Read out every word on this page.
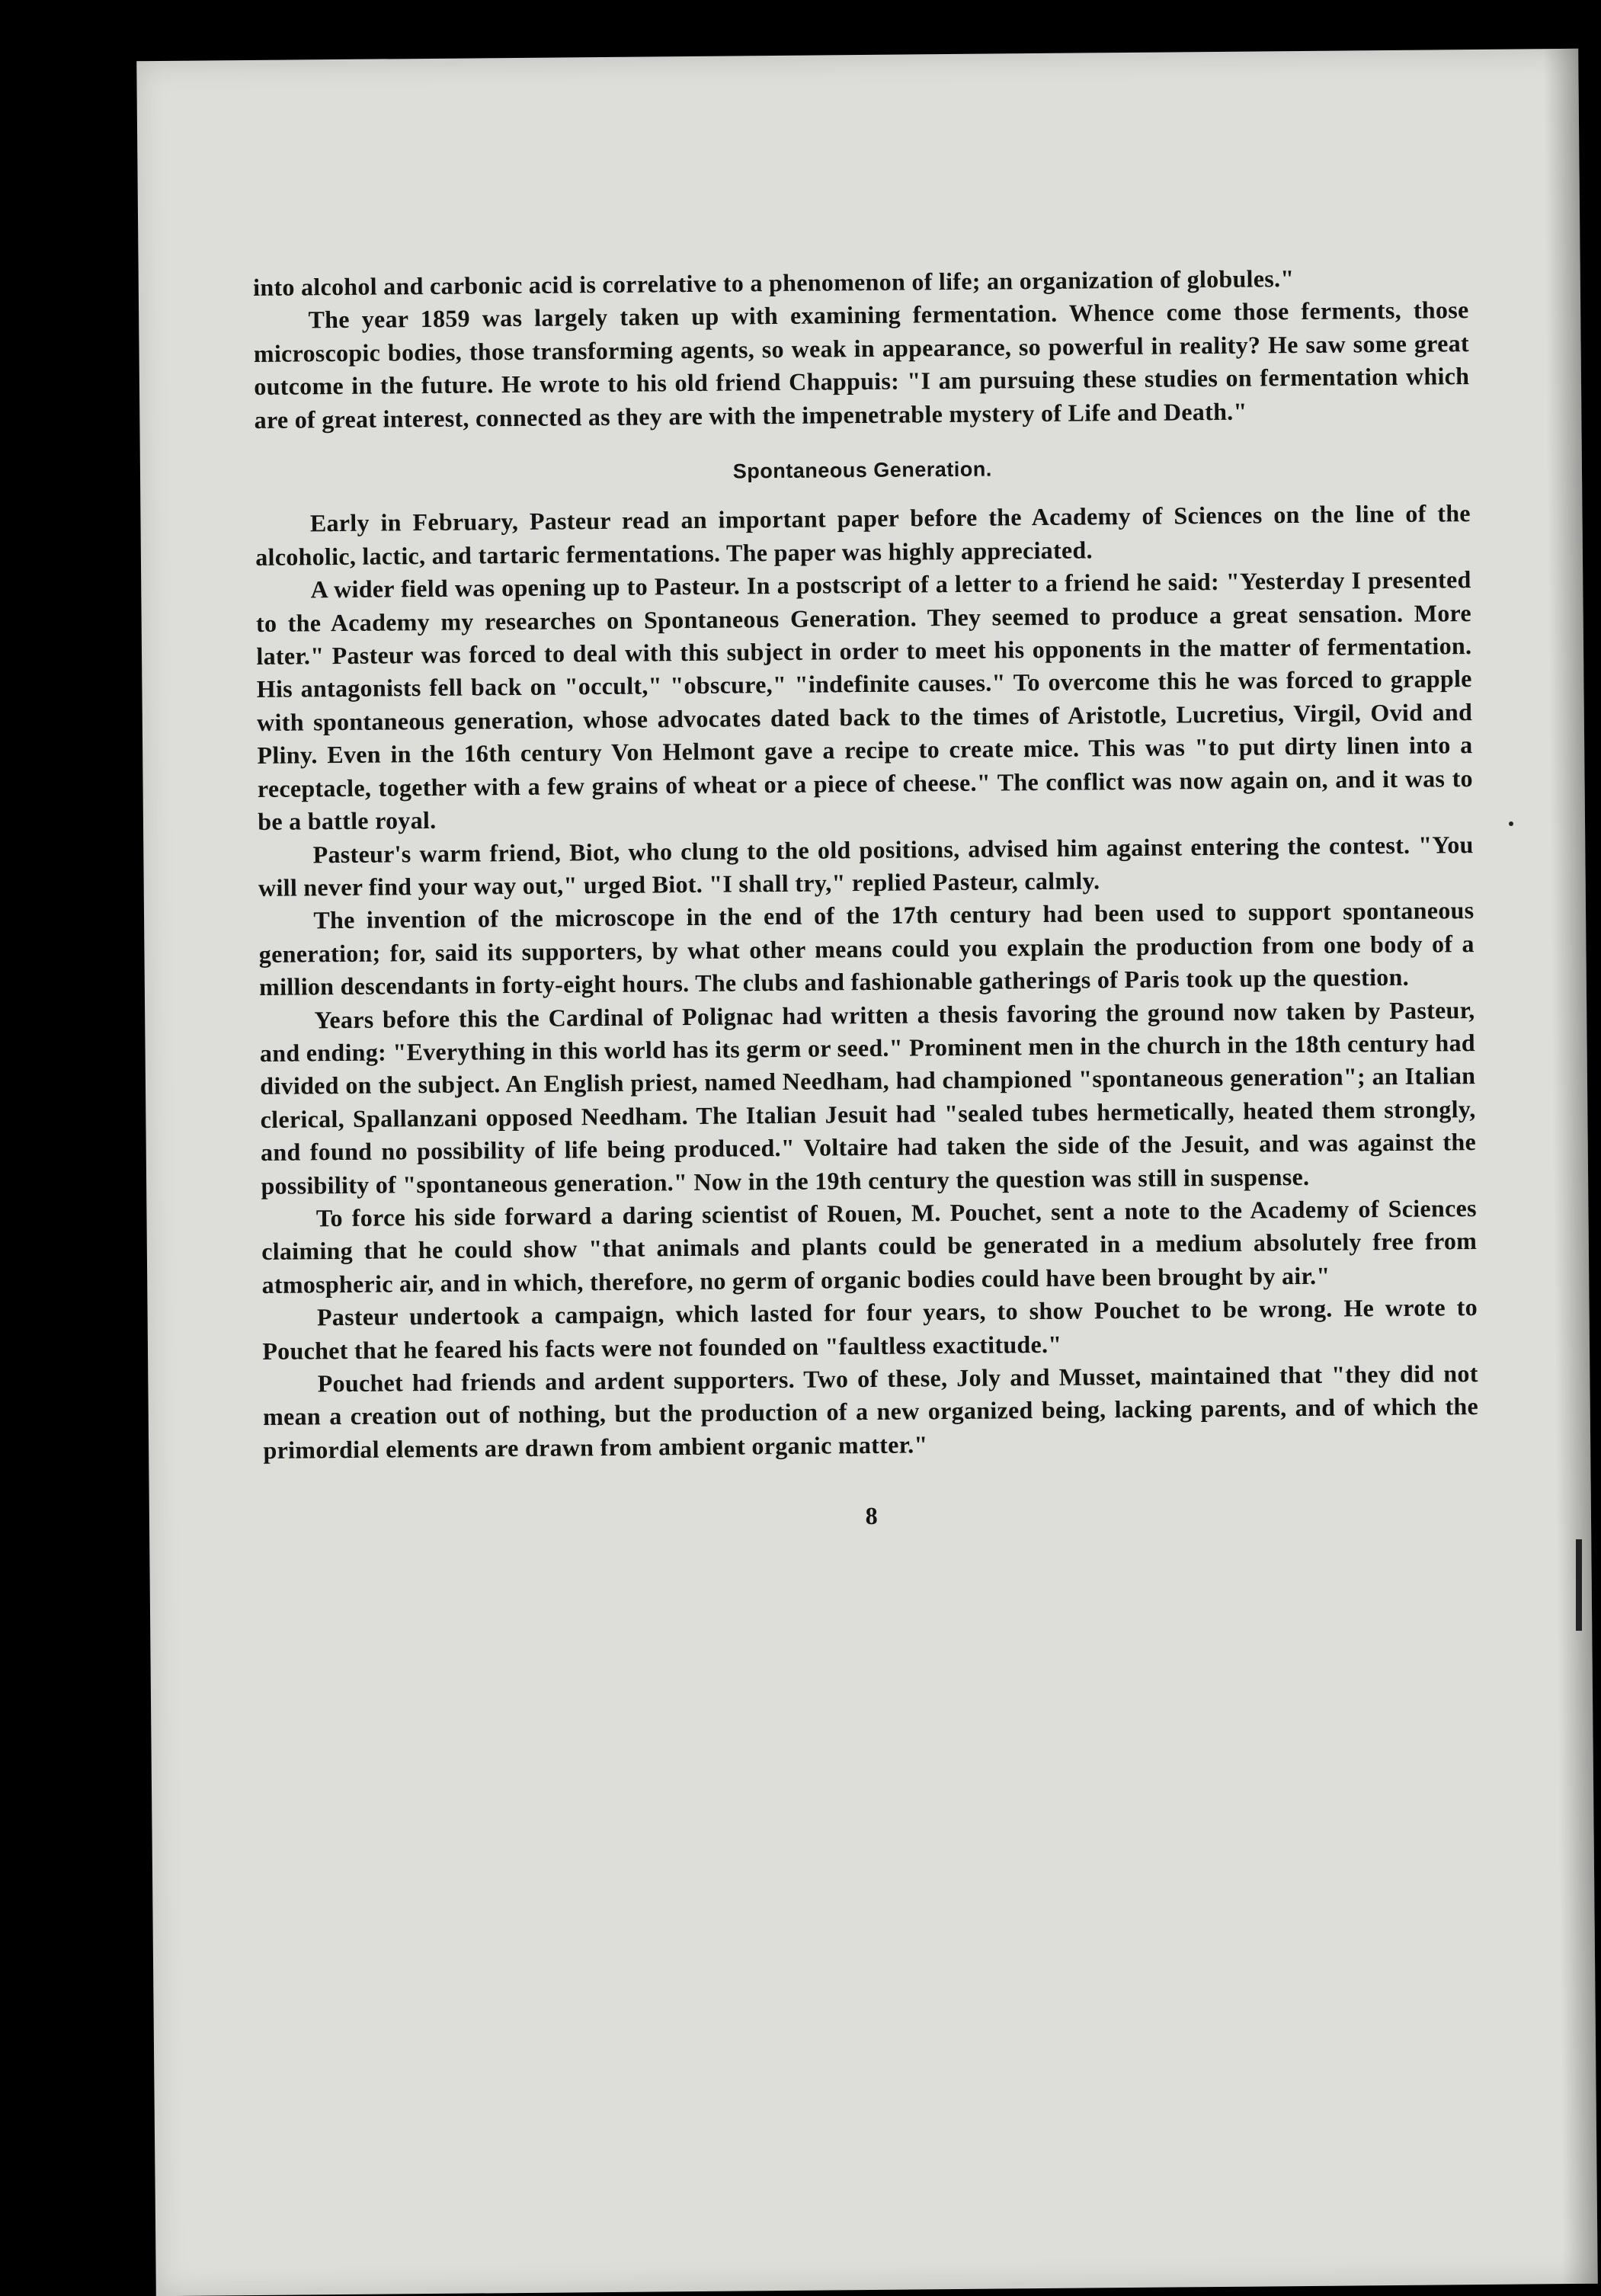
into alcohol and carbonic acid is correlative to a phenomenon of life; an organization of globules."

The year 1859 was largely taken up with examining fermentation. Whence come those ferments, those microscopic bodies, those transforming agents, so weak in appearance, so powerful in reality? He saw some great outcome in the future. He wrote to his old friend Chappuis: "I am pursuing these studies on fermentation which are of great interest, connected as they are with the impenetrable mystery of Life and Death."

Spontaneous Generation.

Early in February, Pasteur read an important paper before the Academy of Sciences on the line of the alcoholic, lactic, and tartaric fermentations. The paper was highly appreciated.

A wider field was opening up to Pasteur. In a postscript of a letter to a friend he said: "Yesterday I presented to the Academy my researches on Spontaneous Generation. They seemed to produce a great sensation. More later." Pasteur was forced to deal with this subject in order to meet his opponents in the matter of fermentation. His antagonists fell back on "occult," "obscure," "indefinite causes." To overcome this he was forced to grapple with spontaneous generation, whose advocates dated back to the times of Aristotle, Lucretius, Virgil, Ovid and Pliny. Even in the 16th century Von Helmont gave a recipe to create mice. This was "to put dirty linen into a receptacle, together with a few grains of wheat or a piece of cheese." The conflict was now again on, and it was to be a battle royal.

Pasteur's warm friend, Biot, who clung to the old positions, advised him against entering the contest. "You will never find your way out," urged Biot. "I shall try," replied Pasteur, calmly.

The invention of the microscope in the end of the 17th century had been used to support spontaneous generation; for, said its supporters, by what other means could you explain the production from one body of a million descendants in forty-eight hours. The clubs and fashionable gatherings of Paris took up the question.

Years before this the Cardinal of Polignac had written a thesis favoring the ground now taken by Pasteur, and ending: "Everything in this world has its germ or seed." Prominent men in the church in the 18th century had divided on the subject. An English priest, named Needham, had championed "spontaneous generation"; an Italian clerical, Spallanzani opposed Needham. The Italian Jesuit had "sealed tubes hermetically, heated them strongly, and found no possibility of life being produced." Voltaire had taken the side of the Jesuit, and was against the possibility of "spontaneous generation." Now in the 19th century the question was still in suspense.

To force his side forward a daring scientist of Rouen, M. Pouchet, sent a note to the Academy of Sciences claiming that he could show "that animals and plants could be generated in a medium absolutely free from atmospheric air, and in which, therefore, no germ of organic bodies could have been brought by air."

Pasteur undertook a campaign, which lasted for four years, to show Pouchet to be wrong. He wrote to Pouchet that he feared his facts were not founded on "faultless exactitude."

Pouchet had friends and ardent supporters. Two of these, Joly and Musset, maintained that "they did not mean a creation out of nothing, but the production of a new organized being, lacking parents, and of which the primordial elements are drawn from ambient organic matter."

8
